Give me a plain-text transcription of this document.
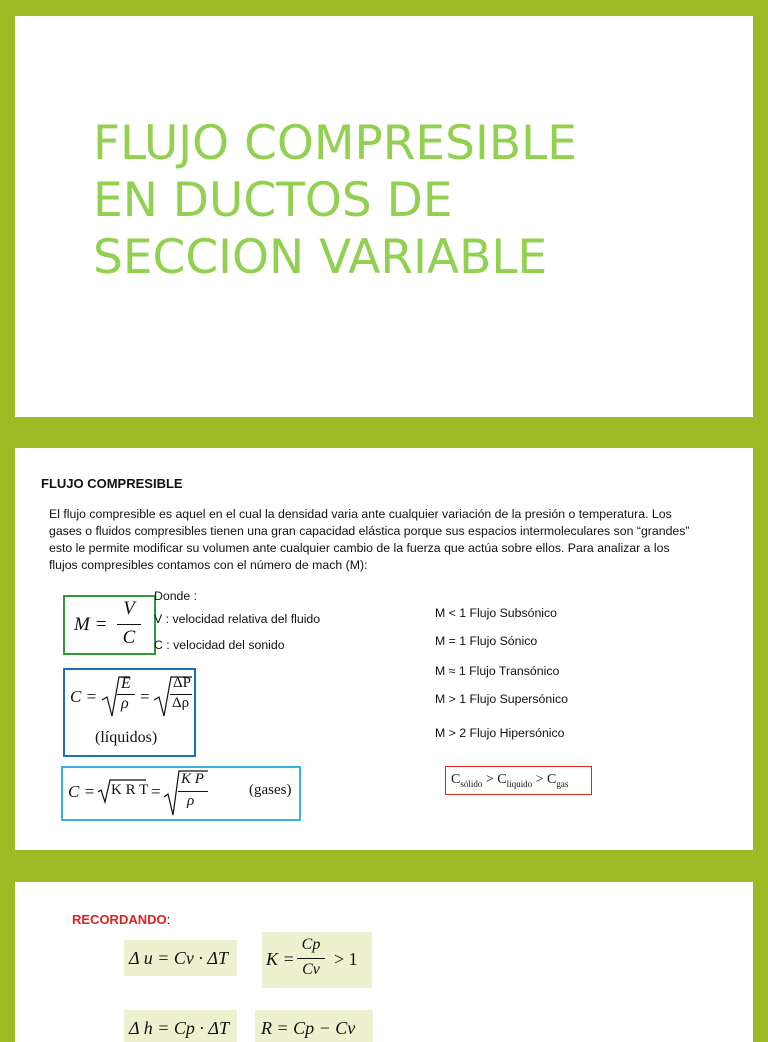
FLUJO COMPRESIBLE
EN DUCTOS DE
SECCION VARIABLE
FLUJO COMPRESIBLE
El flujo compresible es aquel en el cual la densidad varia ante cualquier variación de la presión o temperatura. Los
gases o fluidos compresibles tienen una gran capacidad elástica porque sus espacios intermoleculares son “grandes”
esto le permite modificar su volumen ante cualquier cambio de la fuerza que actúa sobre ellos. Para analizar a los
flujos compresibles contamos con el número de mach (M):
M =
V
C
C =
E
ρ =
ΔP
Δρ
(líquidos)
C = K R T =
K P
ρ
(gases)
Donde :
V : velocidad relativa del fluido
C : velocidad del sonido
M < 1 Flujo Subsónico
M = 1 Flujo Sónico
M ≈ 1 Flujo Transónico
M > 1 Flujo Supersónico
M > 2 Flujo Hipersónico
$C_{sólido} > C_{liquido} > C_{gas}$
RECORDANDO:
Δ u = Cv · ΔT K =
Cp
Cv
> 1
Δ h = Cp · ΔT R = Cp − Cv
